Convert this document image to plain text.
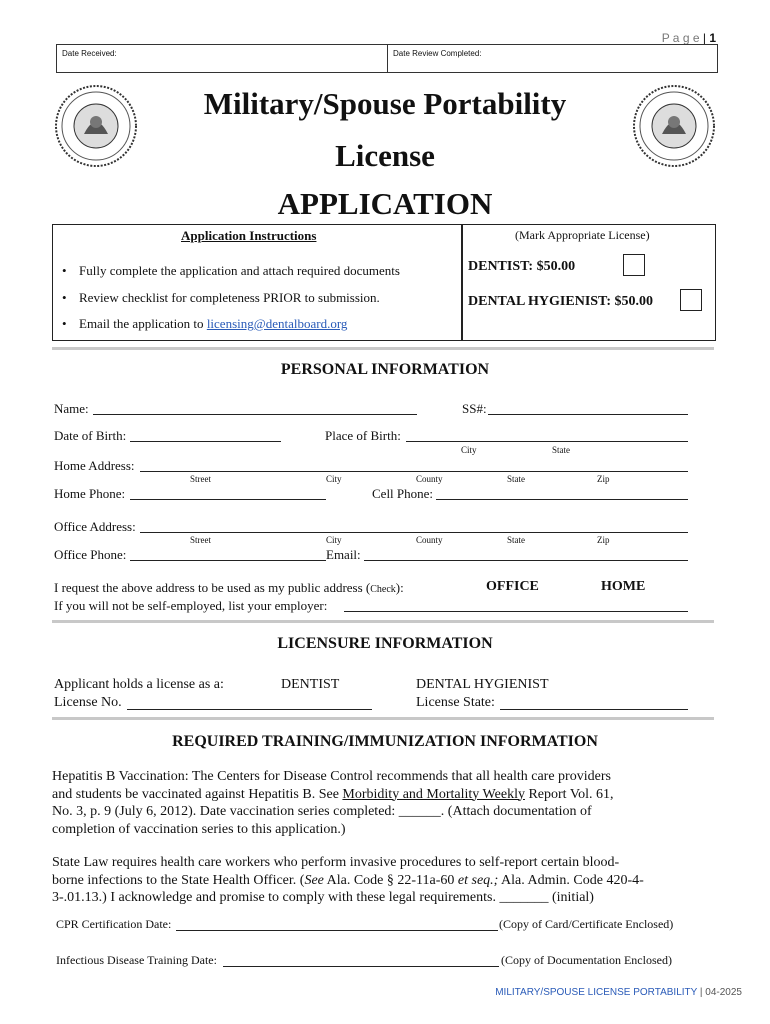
P a g e | 1
Date Received:	Date Review Completed:
Military/Spouse Portability
License
APPLICATION
Application Instructions
• Fully complete the application and attach required documents
• Review checklist for completeness PRIOR to submission.
• Email the application to licensing@dentalboard.org
(Mark Appropriate License)
DENTIST: $50.00
DENTAL HYGIENIST: $50.00
PERSONAL INFORMATION
Name:	SS#:
Date of Birth:	Place of Birth:
City	State
Home Address:
Street	City	County	State	Zip
Home Phone:	Cell Phone:
Office Address:
Street	City	County	State	Zip
Office Phone:	Email:
I request the above address to be used as my public address (Check):	OFFICE	HOME
If you will not be self-employed, list your employer:
LICENSURE INFORMATION
Applicant holds a license as a:	DENTIST	DENTAL HYGIENIST
License No.	License State:
REQUIRED TRAINING/IMMUNIZATION INFORMATION
Hepatitis B Vaccination: The Centers for Disease Control recommends that all health care providers
and students be vaccinated against Hepatitis B. See Morbidity and Mortality Weekly Report Vol. 61,
No. 3, p. 9 (July 6, 2012). Date vaccination series completed: ______. (Attach documentation of
completion of vaccination series to this application.)
State Law requires health care workers who perform invasive procedures to self-report certain blood-
borne infections to the State Health Officer. (See Ala. Code § 22-11a-60 et seq.; Ala. Admin. Code 420-4-
3-.01.13.) I acknowledge and promise to comply with these legal requirements. _______ (initial)
CPR Certification Date:	(Copy of Card/Certificate Enclosed)
Infectious Disease Training Date:	(Copy of Documentation Enclosed)
MILITARY/SPOUSE LICENSE PORTABILITY | 04-2025
